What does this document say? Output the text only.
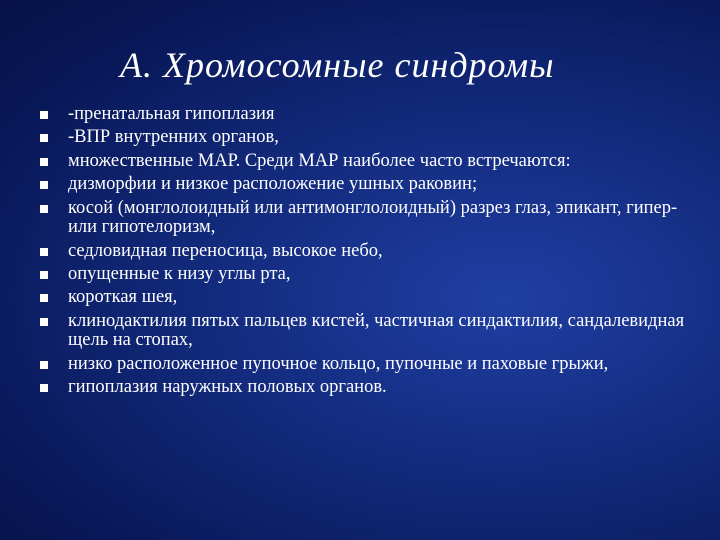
А. Хромосомные синдромы
-пренатальная гипоплазия
-ВПР внутренних органов,
множественные МАР. Среди МАР наиболее часто встречаются:
дизморфии и низкое расположение ушных раковин;
косой (монглолоидный или антимонглолоидный) разрез глаз, эпикант, гипер- или гипотелоризм,
седловидная переносица, высокое небо,
опущенные к низу углы рта,
короткая шея,
клинодактилия пятых пальцев кистей, частичная синдактилия, сандалевидная щель на стопах,
низко расположенное пупочное кольцо, пупочные и паховые грыжи,
гипоплазия наружных половых органов.
